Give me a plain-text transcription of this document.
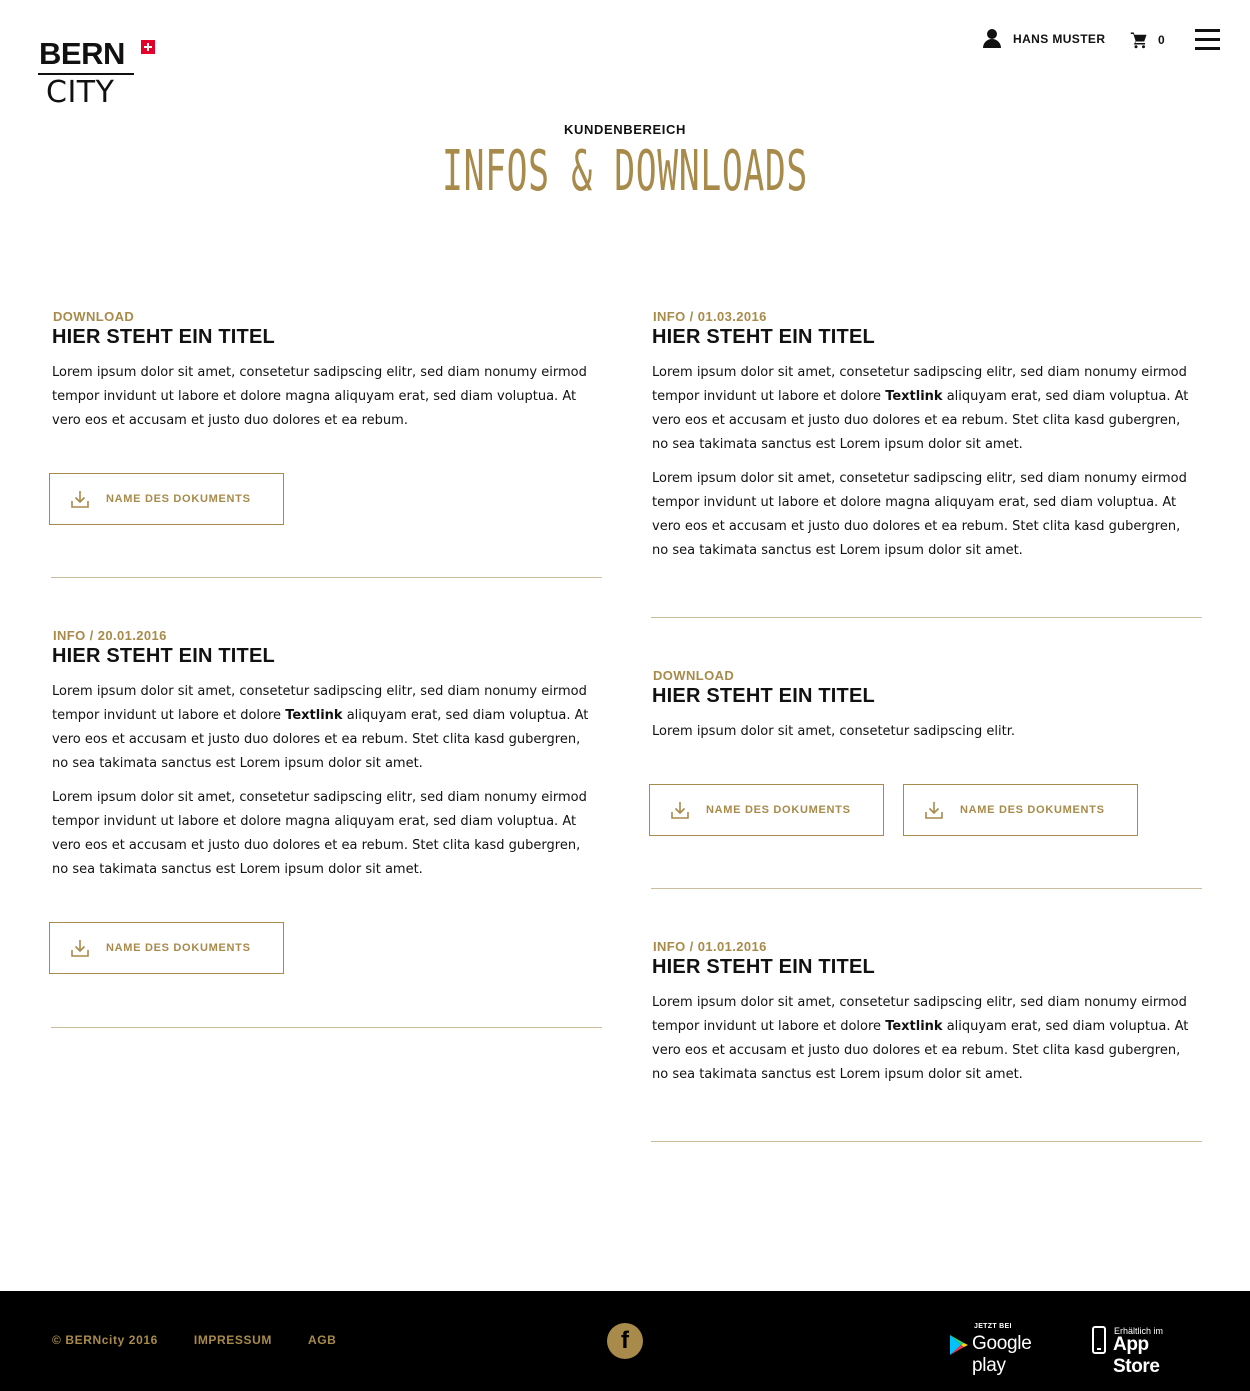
BERN
CITY
HANS MUSTER	0
KUNDENBEREICH
INFOS & DOWNLOADS
DOWNLOAD
HIER STEHT EIN TITEL

Lorem ipsum dolor sit amet, consetetur sadipscing elitr, sed diam nonumy eirmod tempor invidunt ut labore et dolore magna aliquyam erat, sed diam voluptua. At vero eos et accusam et justo duo dolores et ea rebum.

NAME DES DOKUMENTS
INFO / 01.03.2016
HIER STEHT EIN TITEL

Lorem ipsum dolor sit amet, consetetur sadipscing elitr, sed diam nonumy eirmod tempor invidunt ut labore et dolore Textlink aliquyam erat, sed diam voluptua. At vero eos et accusam et justo duo dolores et ea rebum. Stet clita kasd gubergren, no sea takimata sanctus est Lorem ipsum dolor sit amet.

Lorem ipsum dolor sit amet, consetetur sadipscing elitr, sed diam nonumy eirmod tempor invidunt ut labore et dolore magna aliquyam erat, sed diam voluptua. At vero eos et accusam et justo duo dolores et ea rebum. Stet clita kasd gubergren, no sea takimata sanctus est Lorem ipsum dolor sit amet.

INFO / 20.01.2016
HIER STEHT EIN TITEL

Lorem ipsum dolor sit amet, consetetur sadipscing elitr, sed diam nonumy eirmod tempor invidunt ut labore et dolore Textlink aliquyam erat, sed diam voluptua. At vero eos et accusam et justo duo dolores et ea rebum. Stet clita kasd gubergren, no sea takimata sanctus est Lorem ipsum dolor sit amet.

Lorem ipsum dolor sit amet, consetetur sadipscing elitr, sed diam nonumy eirmod tempor invidunt ut labore et dolore magna aliquyam erat, sed diam voluptua. At vero eos et accusam et justo duo dolores et ea rebum. Stet clita kasd gubergren, no sea takimata sanctus est Lorem ipsum dolor sit amet.

NAME DES DOKUMENTS
DOWNLOAD
HIER STEHT EIN TITEL

Lorem ipsum dolor sit amet, consetetur sadipscing elitr.

NAME DES DOKUMENTS	NAME DES DOKUMENTS
INFO / 01.01.2016
HIER STEHT EIN TITEL

Lorem ipsum dolor sit amet, consetetur sadipscing elitr, sed diam nonumy eirmod tempor invidunt ut labore et dolore Textlink aliquyam erat, sed diam voluptua. At vero eos et accusam et justo duo dolores et ea rebum. Stet clita kasd gubergren, no sea takimata sanctus est Lorem ipsum dolor sit amet.

© BERNcity 2016	IMPRESSUM	AGB	f
JETZT BEI
Google play
Erhältlich im
App Store
